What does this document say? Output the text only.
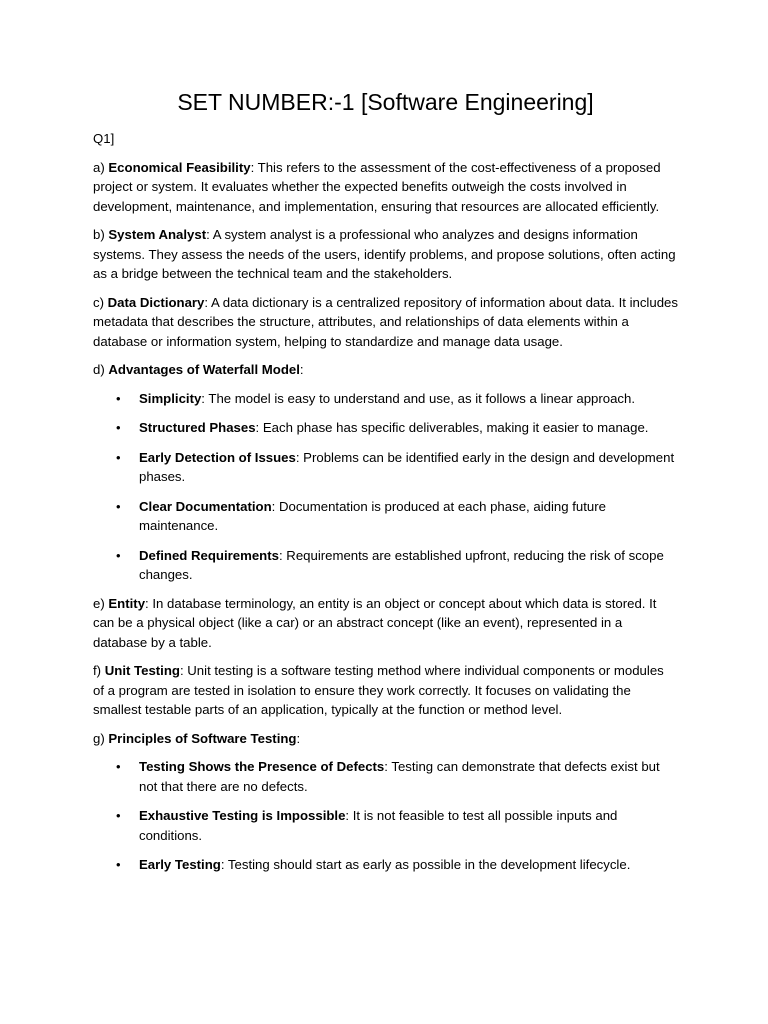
SET NUMBER:-1 [Software Engineering]
Q1]

a) Economical Feasibility: This refers to the assessment of the cost-effectiveness of a proposed project or system. It evaluates whether the expected benefits outweigh the costs involved in development, maintenance, and implementation, ensuring that resources are allocated efficiently.

b) System Analyst: A system analyst is a professional who analyzes and designs information systems. They assess the needs of the users, identify problems, and propose solutions, often acting as a bridge between the technical team and the stakeholders.

c) Data Dictionary: A data dictionary is a centralized repository of information about data. It includes metadata that describes the structure, attributes, and relationships of data elements within a database or information system, helping to standardize and manage data usage.

d) Advantages of Waterfall Model:

• Simplicity: The model is easy to understand and use, as it follows a linear approach.
• Structured Phases: Each phase has specific deliverables, making it easier to manage.
• Early Detection of Issues: Problems can be identified early in the design and development phases.
• Clear Documentation: Documentation is produced at each phase, aiding future maintenance.
• Defined Requirements: Requirements are established upfront, reducing the risk of scope changes.

e) Entity: In database terminology, an entity is an object or concept about which data is stored. It can be a physical object (like a car) or an abstract concept (like an event), represented in a database by a table.

f) Unit Testing: Unit testing is a software testing method where individual components or modules of a program are tested in isolation to ensure they work correctly. It focuses on validating the smallest testable parts of an application, typically at the function or method level.

g) Principles of Software Testing:

• Testing Shows the Presence of Defects: Testing can demonstrate that defects exist but not that there are no defects.
• Exhaustive Testing is Impossible: It is not feasible to test all possible inputs and conditions.
• Early Testing: Testing should start as early as possible in the development lifecycle.
